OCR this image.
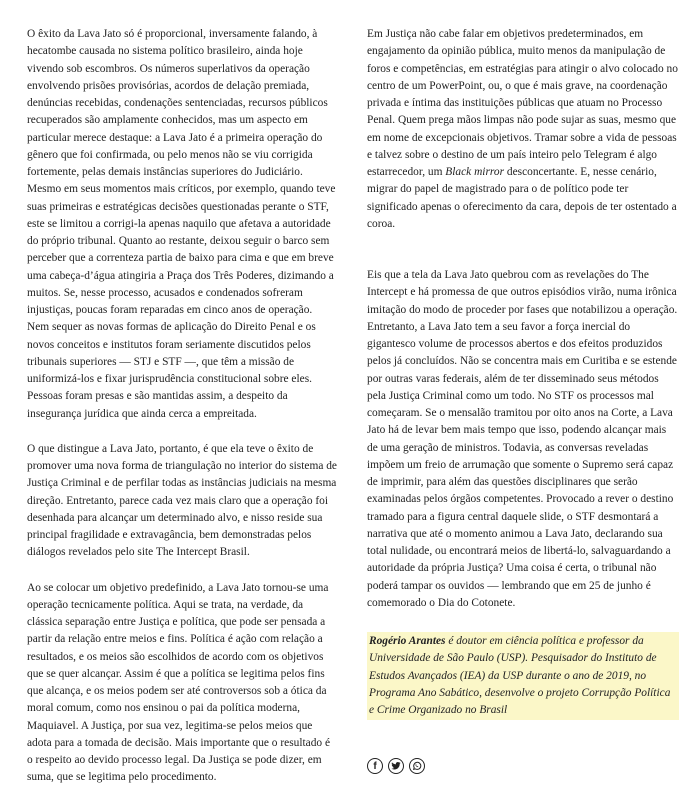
O êxito da Lava Jato só é proporcional, inversamente falando, à hecatombe causada no sistema político brasileiro, ainda hoje vivendo sob escombros. Os números superlativos da operação envolvendo prisões provisórias, acordos de delação premiada, denúncias recebidas, condenações sentenciadas, recursos públicos recuperados são amplamente conhecidos, mas um aspecto em particular merece destaque: a Lava Jato é a primeira operação do gênero que foi confirmada, ou pelo menos não se viu corrigida fortemente, pelas demais instâncias superiores do Judiciário. Mesmo em seus momentos mais críticos, por exemplo, quando teve suas primeiras e estratégicas decisões questionadas perante o STF, este se limitou a corrigi-la apenas naquilo que afetava a autoridade do próprio tribunal. Quanto ao restante, deixou seguir o barco sem perceber que a correnteza partia de baixo para cima e que em breve uma cabeça-d’água atingiria a Praça dos Três Poderes, dizimando a muitos. Se, nesse processo, acusados e condenados sofreram injustiças, poucas foram reparadas em cinco anos de operação. Nem sequer as novas formas de aplicação do Direito Penal e os novos conceitos e institutos foram seriamente discutidos pelos tribunais superiores — STJ e STF —, que têm a missão de uniformizá-los e fixar jurisprudência constitucional sobre eles. Pessoas foram presas e são mantidas assim, a despeito da insegurança jurídica que ainda cerca a empreitada.

O que distingue a Lava Jato, portanto, é que ela teve o êxito de promover uma nova forma de triangulação no interior do sistema de Justiça Criminal e de perfilar todas as instâncias judiciais na mesma direção. Entretanto, parece cada vez mais claro que a operação foi desenhada para alcançar um determinado alvo, e nisso reside sua principal fragilidade e extravagância, bem demonstradas pelos diálogos revelados pelo site The Intercept Brasil.

Ao se colocar um objetivo predefinido, a Lava Jato tornou-se uma operação tecnicamente política. Aqui se trata, na verdade, da clássica separação entre Justiça e política, que pode ser pensada a partir da relação entre meios e fins. Política é ação com relação a resultados, e os meios são escolhidos de acordo com os objetivos que se quer alcançar. Assim é que a política se legitima pelos fins que alcança, e os meios podem ser até controversos sob a ótica da moral comum, como nos ensinou o pai da política moderna, Maquiavel. A Justiça, por sua vez, legitima-se pelos meios que adota para a tomada de decisão. Mais importante que o resultado é o respeito ao devido processo legal. Da Justiça se pode dizer, em suma, que se legitima pelo procedimento.

Em Justiça não cabe falar em objetivos predeterminados, em engajamento da opinião pública, muito menos da manipulação de foros e competências, em estratégias para atingir o alvo colocado no centro de um PowerPoint, ou, o que é mais grave, na coordenação privada e íntima das instituições públicas que atuam no Processo Penal. Quem prega mãos limpas não pode sujar as suas, mesmo que em nome de excepcionais objetivos. Tramar sobre a vida de pessoas e talvez sobre o destino de um país inteiro pelo Telegram é algo estarrecedor, um Black mirror desconcertante. E, nesse cenário, migrar do papel de magistrado para o de político pode ter significado apenas o oferecimento da cara, depois de ter ostentado a coroa.

Eis que a tela da Lava Jato quebrou com as revelações do The Intercept e há promessa de que outros episódios virão, numa irônica imitação do modo de proceder por fases que notabilizou a operação. Entretanto, a Lava Jato tem a seu favor a força inercial do gigantesco volume de processos abertos e dos efeitos produzidos pelos já concluídos. Não se concentra mais em Curitiba e se estende por outras varas federais, além de ter disseminado seus métodos pela Justiça Criminal como um todo. No STF os processos mal começaram. Se o mensalão tramitou por oito anos na Corte, a Lava Jato há de levar bem mais tempo que isso, podendo alcançar mais de uma geração de ministros. Todavia, as conversas reveladas impõem um freio de arrumação que somente o Supremo será capaz de imprimir, para além das questões disciplinares que serão examinadas pelos órgãos competentes. Provocado a rever o destino tramado para a figura central daquele slide, o STF desmontará a narrativa que até o momento animou a Lava Jato, declarando sua total nulidade, ou encontrará meios de libertá-lo, salvaguardando a autoridade da própria Justiça? Uma coisa é certa, o tribunal não poderá tampar os ouvidos — lembrando que em 25 de junho é comemorado o Dia do Cotonete.

Rogério Arantes é doutor em ciência política e professor da Universidade de São Paulo (USP). Pesquisador do Instituto de Estudos Avançados (IEA) da USP durante o ano de 2019, no Programa Ano Sabático, desenvolve o projeto Corrupção Política e Crime Organizado no Brasil
f
